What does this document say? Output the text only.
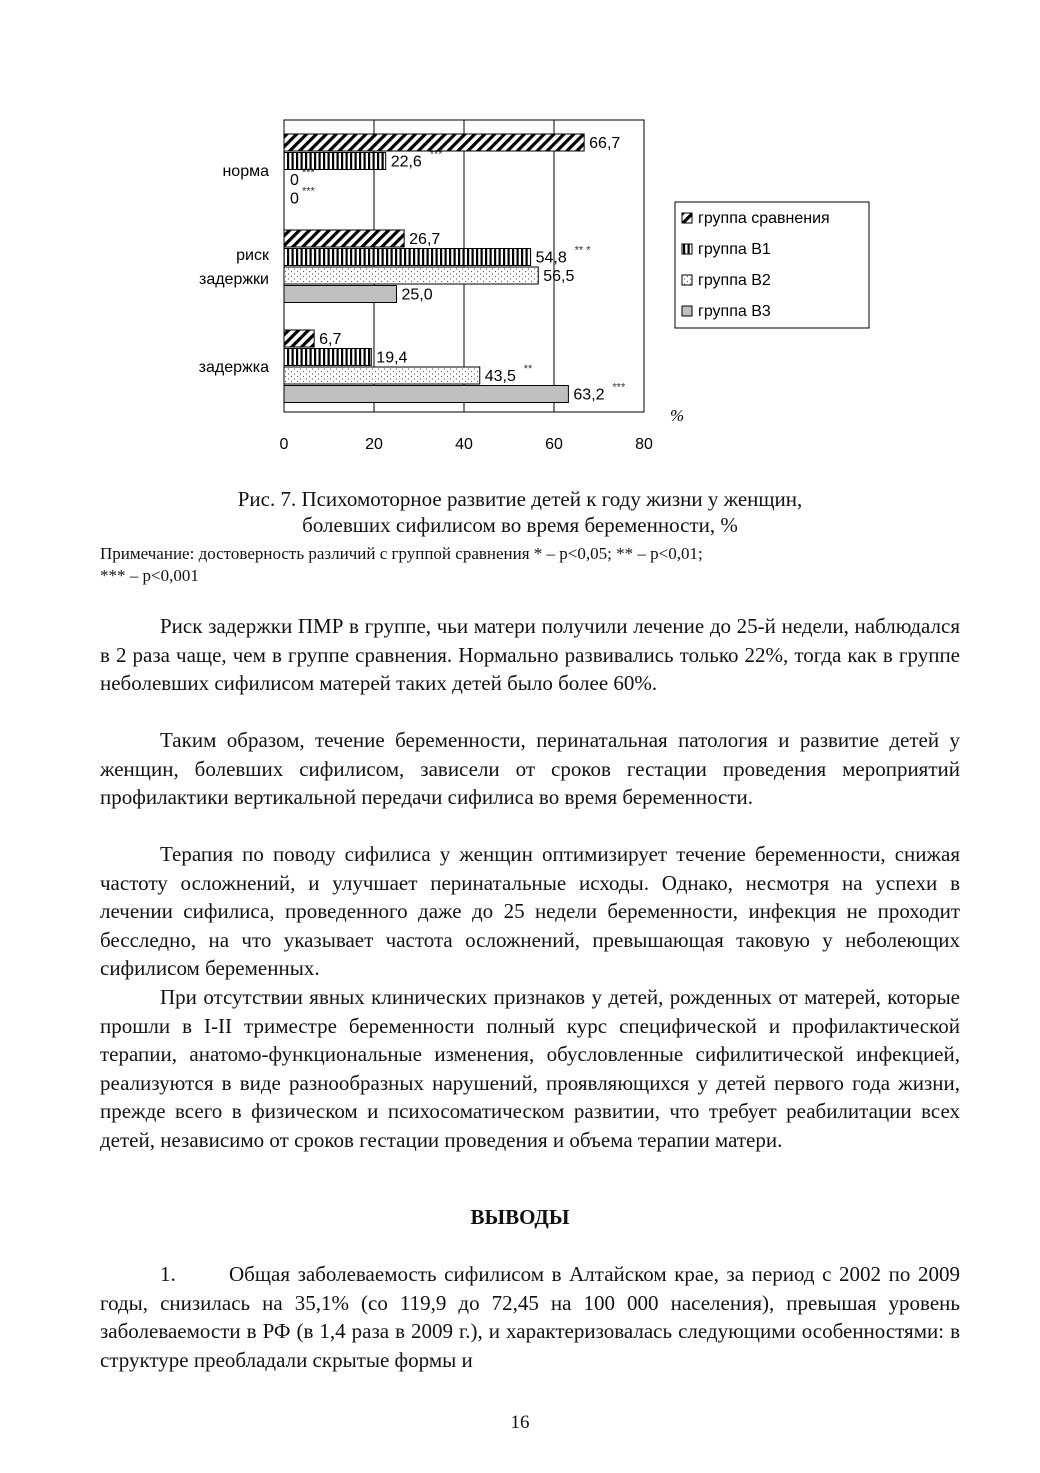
66,7
22,6 ***
0 ***
0 ***
26,7
54,8 ** *
56,5
25,0
6,7
19,4
43,5 **
63,2 ***
норма
риск
задержки
задержка
0	20	40	60	80
%
группа сравнения
группа В1
группа В2
группа В3
Рис. 7. Психомоторное развитие детей к году жизни у женщин,
болевших сифилисом во время беременности, %
Примечание: достоверность различий с группой сравнения * – р<0,05; ** – р<0,01;
*** – р<0,001

Риск задержки ПМР в группе, чьи матери получили лечение до 25-й недели, наблюдался в 2 раза чаще, чем в группе сравнения. Нормально развивались только 22%, тогда как в группе неболевших сифилисом матерей таких детей было более 60%.

Таким образом, течение беременности, перинатальная патология и развитие детей у женщин, болевших сифилисом, зависели от сроков гестации проведения мероприятий профилактики вертикальной передачи сифилиса во время беременности.

Терапия по поводу сифилиса у женщин оптимизирует течение беременности, снижая частоту осложнений, и улучшает перинатальные исходы. Однако, несмотря на успехи в лечении сифилиса, проведенного даже до 25 недели беременности, инфекция не проходит бесследно, на что указывает частота осложнений, превышающая таковую у неболеющих сифилисом беременных.

При отсутствии явных клинических признаков у детей, рожденных от матерей, которые прошли в I-II триместре беременности полный курс специфической и профилактической терапии, анатомо-функциональные изменения, обусловленные сифилитической инфекцией, реализуются в виде разнообразных нарушений, проявляющихся у детей первого года жизни, прежде всего в физическом и психосоматическом развитии, что требует реабилитации всех детей, независимо от сроков гестации проведения и объема терапии матери.

ВЫВОДЫ

1.       Общая заболеваемость сифилисом в Алтайском крае, за период с 2002 по 2009 годы, снизилась на 35,1% (со 119,9 до 72,45 на 100 000 населения), превышая уровень заболеваемости в РФ (в 1,4 раза в 2009 г.), и характеризовалась следующими особенностями: в структуре преобладали скрытые формы и

16
